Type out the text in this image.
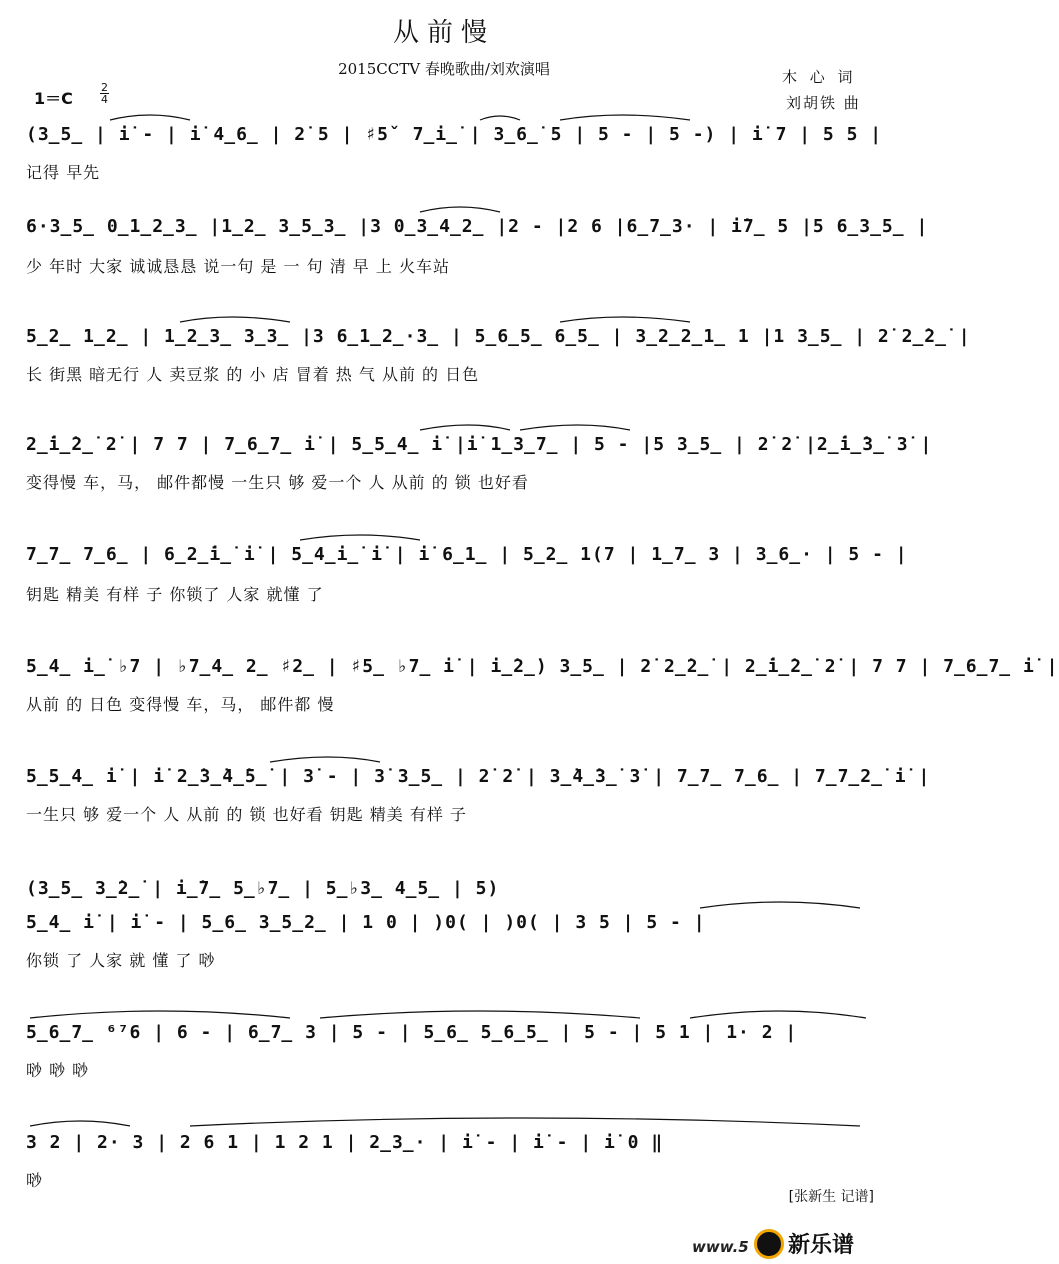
从前慢
2015CCTV 春晚歌曲/刘欢演唱	木 心 词
刘胡铁 曲
1＝C
2
4
(3̲5̲ | i̇ - | i̇ 4̲6̲ | 2̇ 5 | ♯5ˇ 7̲i̲̇ | 3̲6̲̇ 5 | 5 - | 5 -) | i̇ 7 | 5 5 |
记得 早先
6·3̲5̲ 0̲1̲2̲3̲ |1̲2̲ 3̲5̲3̲ |3 0̲3̲4̲2̲ |2 - |2 6 |6̲7̲3· | i̇7̲ 5 |5 6̲3̲5̲ |
少 年时 大家 诚诚恳恳 说一句 是 一 句 清 早 上 火车站
5̲2̲ 1̲2̲ | 1̲2̲3̲ 3̲3̲ |3 6̲1̲2̲·3̲ | 5̲6̲5̲ 6̲5̲ | 3̲2̲2̲1̲ 1 |1 3̲5̲ | 2̇ 2̲̇2̲̇ |
长 街黑 暗无行 人 卖豆浆 的 小 店 冒着 热 气 从前 的 日色
2̲̇i̲̇2̲̇ 2̇ | 7 7 | 7̲6̲7̲ i̇ | 5̲5̲4̲ i̇ |i̇ 1̲3̲7̲ | 5 - |5 3̲5̲ | 2̇ 2̇ |2̲̇i̲̇3̲̇ 3̇ |
变得慢 车，马， 邮件都慢 一生只 够 爱一个 人 从前 的 锁 也好看
7̲7̲ 7̲6̲ | 6̲2̲̇i̲̇ i̇ | 5̲4̲i̲̇ i̇ | i̇ 6̲1̲ | 5̲2̲ 1(7 | 1̲7̲ 3 | 3̲6̲· | 5 - |
钥匙 精美 有样 子 你锁了 人家 就懂 了
5̲4̲ i̲̇ ♭7 | ♭7̲4̲ 2̲ ♯2̲ | ♯5̲ ♭7̲ i̇ | i̲̇2̲̇) 3̲5̲ | 2̇ 2̲̇2̲̇ | 2̲̇i̲̇2̲̇ 2̇ | 7 7 | 7̲6̲7̲ i̇ |
从前 的 日色 变得慢 车，马， 邮件都 慢
5̲5̲4̲ i̇ | i̇ 2̲̇3̲̇4̲̇5̲̇ | 3̇ - | 3̇ 3̲5̲ | 2̇ 2̇ | 3̲̇4̲̇3̲̇ 3̇ | 7̲7̲ 7̲6̲ | 7̲7̲2̲̇ i̇ |
一生只 够 爱一个 人 从前 的 锁 也好看 钥匙 精美 有样 子
(3̲5̲ 3̲̇2̲̇ | i̲̇7̲ 5̲♭7̲ | 5̲♭3̲ 4̲5̲ | 5)
5̲4̲ i̇ | i̇ - | 5̲6̲ 3̲5̲2̲ | 1 0 | )0( | )0( | 3 5 | 5 - |
你锁 了 人家 就 懂 了 唦
5̲6̲7̲ ⁶⁷6 | 6 - | 6̲7̲ 3 | 5 - | 5̲6̲ 5̲6̲5̲ | 5 - | 5 1 | 1· 2 |
唦 唦 唦
3 2 | 2· 3 | 2 6 1 | 1 2 1 | 2̲3̲· | i̇ - | i̇ - | i̇ 0 ‖
唦
[张新生 记谱]
www.5 新乐谱
